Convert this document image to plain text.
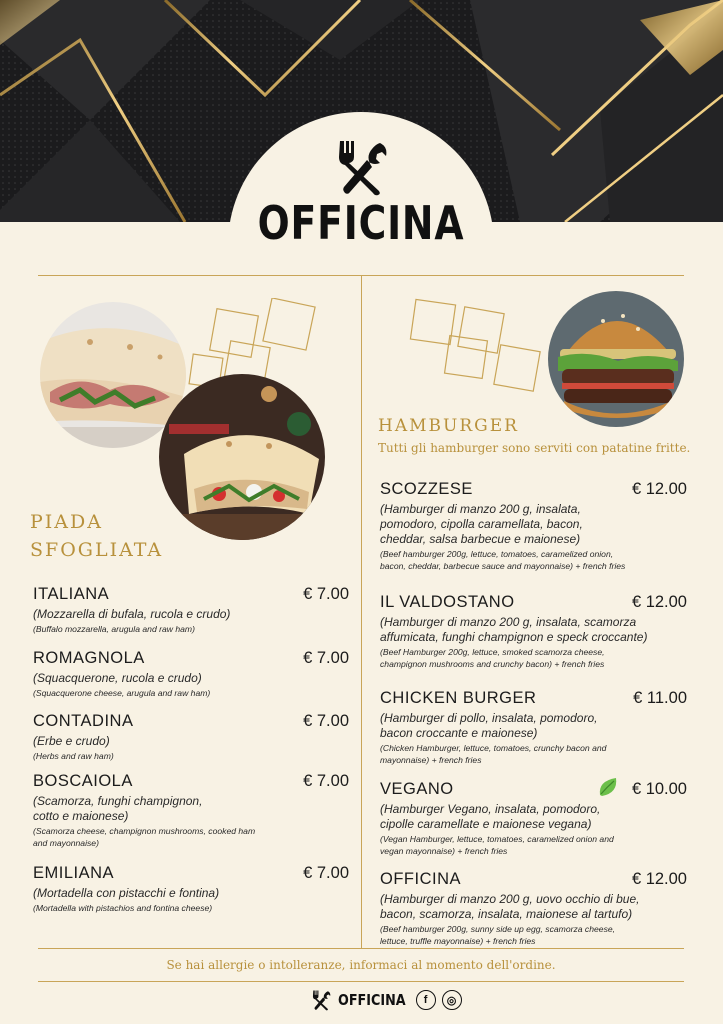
OFFICINA
PIADA
SFOGLIATA
ITALIANA	€ 7.00
(Mozzarella di bufala, rucola e crudo)
(Buffalo mozzarella, arugula and raw ham)
ROMAGNOLA	€ 7.00
(Squacquerone, rucola e crudo)
(Squacquerone cheese, arugula and raw ham)
CONTADINA	€ 7.00
(Erbe e crudo)
(Herbs and raw ham)
BOSCAIOLA	€ 7.00
(Scamorza, funghi champignon,
cotto e maionese)
(Scamorza cheese, champignon mushrooms, cooked ham
and mayonnaise)
EMILIANA	€ 7.00
(Mortadella con pistacchi e fontina)
(Mortadella with pistachios and fontina cheese)
HAMBURGER
Tutti gli hamburger sono serviti con patatine fritte.
SCOZZESE	€ 12.00
(Hamburger di manzo 200 g, insalata,
pomodoro, cipolla caramellata, bacon,
cheddar, salsa barbecue e maionese)
(Beef hamburger 200g, lettuce, tomatoes, caramelized onion,
bacon, cheddar, barbecue sauce and mayonnaise) + french fries
IL VALDOSTANO	€ 12.00
(Hamburger di manzo 200 g, insalata, scamorza
affumicata, funghi champignon e speck croccante)
(Beef Hamburger 200g, lettuce, smoked scamorza cheese,
champignon mushrooms and crunchy bacon) + french fries
CHICKEN BURGER	€ 11.00
(Hamburger di pollo, insalata, pomodoro,
bacon croccante e maionese)
(Chicken Hamburger, lettuce, tomatoes, crunchy bacon and
mayonnaise) + french fries
VEGANO	€ 10.00
(Hamburger Vegano, insalata, pomodoro,
cipolle caramellate e maionese vegana)
(Vegan Hamburger, lettuce, tomatoes, caramelized onion and
vegan mayonnaise) + french fries
OFFICINA	€ 12.00
(Hamburger di manzo 200 g, uovo occhio di bue,
bacon, scamorza, insalata, maionese al tartufo)
(Beef hamburger 200g, sunny side up egg, scamorza cheese,
lettuce, truffle mayonnaise) + french fries
Se hai allergie o intolleranze, informaci al momento dell'ordine.
OFFICINA	f	◎
